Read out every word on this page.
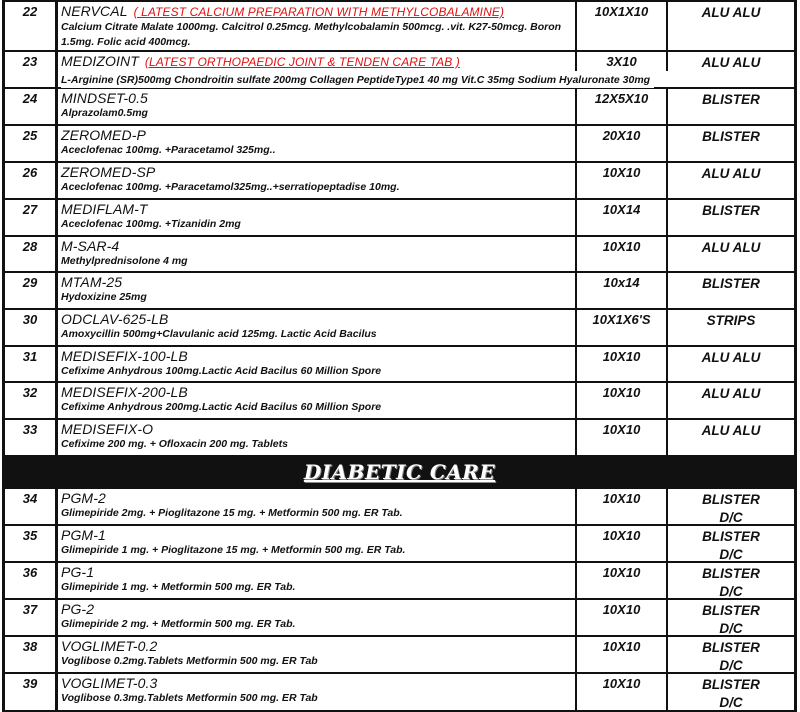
22	NERVCAL ( LATEST CALCIUM PREPARATION WITH METHYLCOBALAMINE)
Calcium Citrate Malate 1000mg. Calcitrol 0.25mcg. Methylcobalamin 500mcg. .vit. K27-50mcg. Boron 1.5mg. Folic acid 400mcg.
10X1X10	ALU ALU
23	MEDIZOINT (LATEST ORTHOPAEDIC JOINT & TENDEN CARE TAB )
L-Arginine (SR)500mg Chondroitin sulfate 200mg Collagen PeptideType1 40 mg Vit.C 35mg Sodium Hyaluronate 30mg
3X10	ALU ALU
24	MINDSET-0.5
Alprazolam0.5mg
12X5X10	BLISTER
25	ZEROMED-P
Aceclofenac 100mg. +Paracetamol 325mg..
20X10	BLISTER
26	ZEROMED-SP
Aceclofenac 100mg. +Paracetamol325mg..+serratiopeptadise 10mg.
10X10	ALU ALU
27	MEDIFLAM-T
Aceclofenac 100mg. +Tizanidin 2mg
10X14	BLISTER
28	M-SAR-4
Methylprednisolone 4 mg
10X10	ALU ALU
29	MTAM-25
Hydoxizine 25mg
10x14	BLISTER
30	ODCLAV-625-LB
Amoxycillin 500mg+Clavulanic acid 125mg. Lactic Acid Bacilus
10X1X6'S	STRIPS
31	MEDISEFIX-100-LB
Cefixime Anhydrous 100mg.Lactic Acid Bacilus 60 Million Spore
10X10	ALU ALU
32	MEDISEFIX-200-LB
Cefixime Anhydrous 200mg.Lactic Acid Bacilus 60 Million Spore
10X10	ALU ALU
33	MEDISEFIX-O
Cefixime 200 mg. + Ofloxacin 200 mg. Tablets
10X10	ALU ALU
DIABETIC CARE
34	PGM-2
Glimepiride 2mg. + Pioglitazone 15 mg. + Metformin 500 mg. ER Tab.
10X10	BLISTER
D/C
35	PGM-1
Glimepiride 1 mg. + Pioglitazone 15 mg. + Metformin 500 mg. ER Tab.
10X10	BLISTER
D/C
36	PG-1
Glimepiride 1 mg. + Metformin 500 mg. ER Tab.
10X10	BLISTER
D/C
37	PG-2
Glimepiride 2 mg. + Metformin 500 mg. ER Tab.
10X10	BLISTER
D/C
38	VOGLIMET-0.2
Voglibose 0.2mg.Tablets Metformin 500 mg. ER Tab
10X10	BLISTER
D/C
39	VOGLIMET-0.3
Voglibose 0.3mg.Tablets Metformin 500 mg. ER Tab
10X10	BLISTER
D/C
